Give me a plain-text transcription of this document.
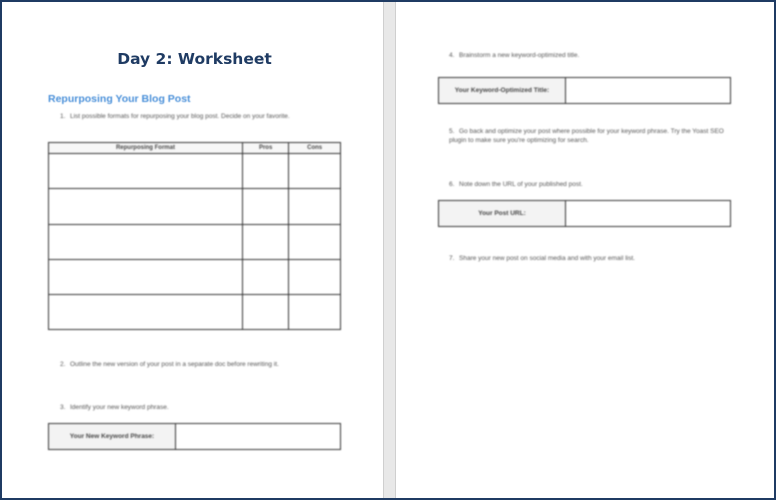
Day 2: Worksheet
Repurposing Your Blog Post
1. List possible formats for repurposing your blog post. Decide on your favorite.
Repurposing Format	Pros	Cons

2. Outline the new version of your post in a separate doc before rewriting it.
3. Identify your new keyword phrase.
Your New Keyword Phrase:
4. Brainstorm a new keyword-optimized title.
Your Keyword-Optimized Title:
5. Go back and optimize your post where possible for your keyword phrase. Try the Yoast SEO plugin to make sure you're optimizing for search.
6. Note down the URL of your published post.
Your Post URL:
7. Share your new post on social media and with your email list.
